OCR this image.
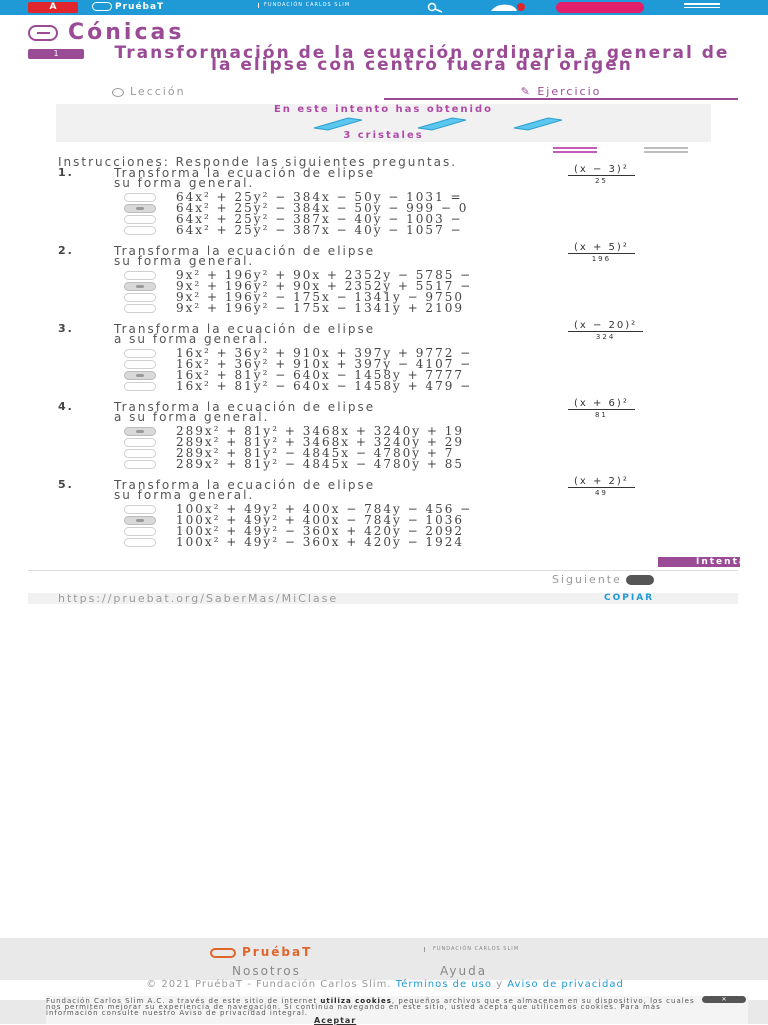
A	PruébaT	FUNDACIÓN CARLOS SLIM
Cónicas
1	Transformación de la ecuación ordinaria a general de la elipse con centro fuera del origen
Lección	✎ Ejercicio
En este intento has obtenido
3 cristales
Instrucciones: Responde las siguientes preguntas.
1.	Transforma la ecuación de elipse
su forma general.
(x − 3)²
25
64x² + 25y² − 384x − 50y − 1031 =
64x² + 25y² − 384x − 50y − 999 − 0
64x² + 25y² − 387x − 40y − 1003 −
64x² + 25y² − 387x − 40y − 1057 −
2.	Transforma la ecuación de elipse
su forma general.
(x + 5)²
196
9x² + 196y² + 90x + 2352y − 5785 −
9x² + 196y² + 90x + 2352y + 5517 −
9x² + 196y² − 175x − 1341y − 9750
9x² + 196y² − 175x − 1341y + 2109
3.	Transforma la ecuación de elipse
a su forma general.
(x − 20)²
324
16x² + 36y² + 910x + 397y + 9772 −
16x² + 36y² + 910x + 397y − 4107 −
16x² + 81y² − 640x − 1458y + 7777
16x² + 81y² − 640x − 1458y + 479 −
4.	Transforma la ecuación de elipse
a su forma general.
(x + 6)²
81
289x² + 81y² + 3468x + 3240y + 19
289x² + 81y² + 3468x + 3240y + 29
289x² + 81y² − 4845x − 4780y + 7
289x² + 81y² − 4845x − 4780y + 85
5.	Transforma la ecuación de elipse
su forma general.
(x + 2)²
49
100x² + 49y² + 400x − 784y − 456 −
100x² + 49y² + 400x − 784y − 1036
100x² + 49y² − 360x + 420y − 2092
100x² + 49y² − 360x + 420y − 1924
Intentar
Siguiente
https://pruebat.org/SaberMas/MiClase	COPIAR
PruébaT	FUNDACIÓN CARLOS SLIM
Nosotros	Ayuda

© 2021 PruébaT - Fundación Carlos Slim. Términos de uso y Aviso de privacidad

Fundación Carlos Slim A.C. a través de este sitio de internet utiliza cookies, pequeños archivos que se almacenan en su dispositivo, los cuales nos permiten mejorar su experiencia de navegación. Si continúa navegando en este sitio, usted acepta que utilicemos cookies. Para más información consulte nuestro Aviso de privacidad integral.

✕
Aceptar
